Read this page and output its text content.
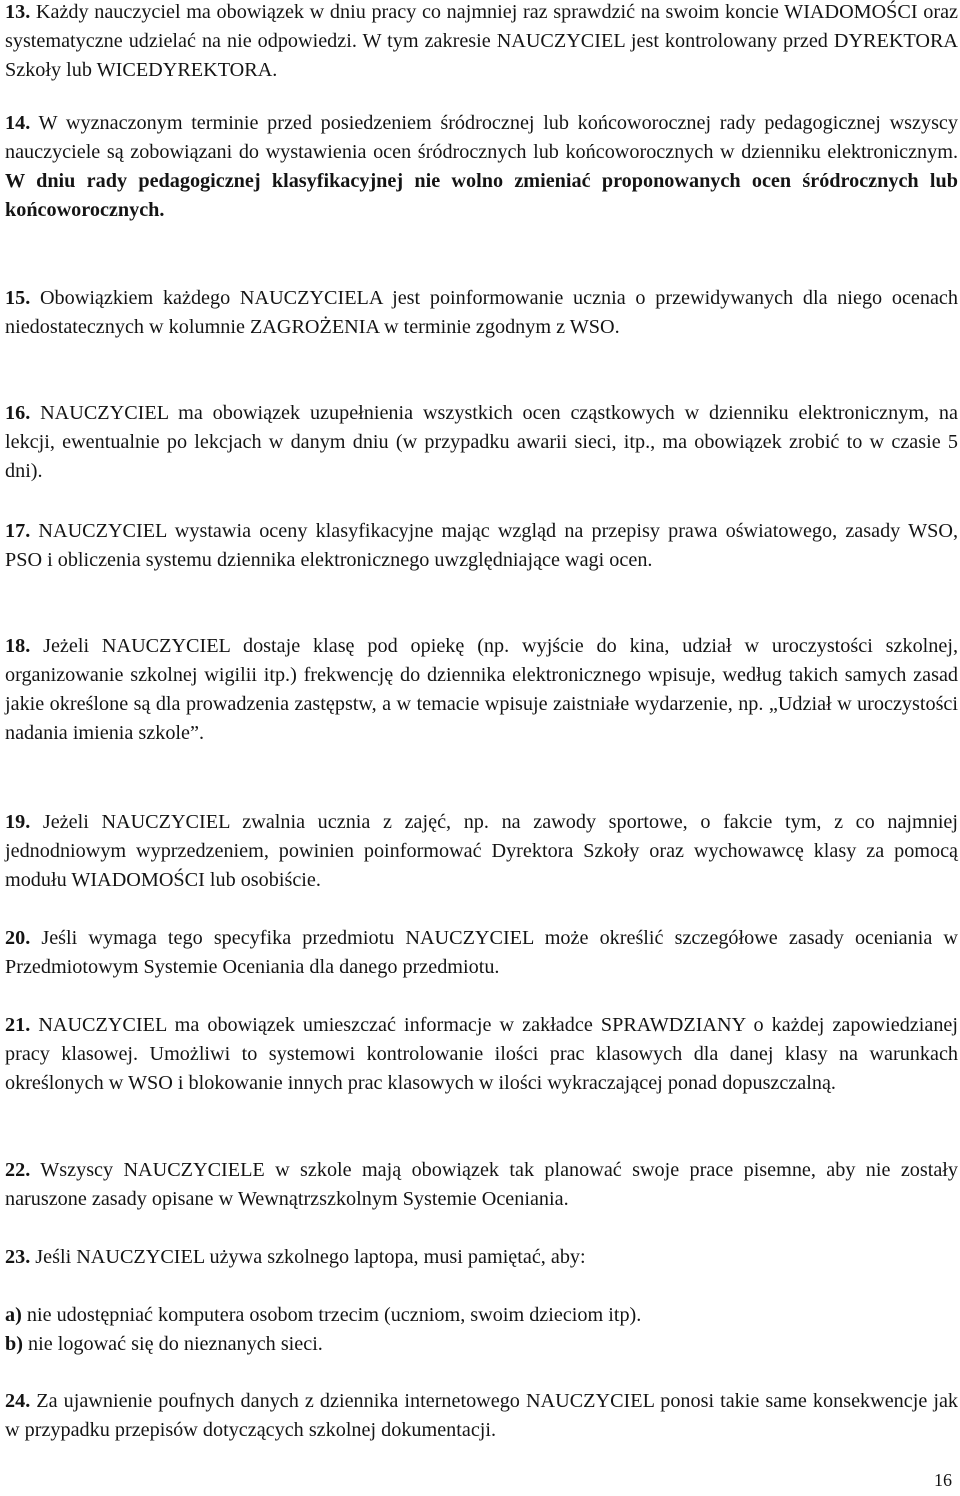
13. Każdy nauczyciel ma obowiązek w dniu pracy co najmniej raz sprawdzić na swoim koncie WIADOMOŚCI oraz systematyczne udzielać na nie odpowiedzi. W tym zakresie NAUCZYCIEL jest kontrolowany przed DYREKTORA Szkoły lub WICEDYREKTORA.

14. W wyznaczonym terminie przed posiedzeniem śródrocznej lub końcoworocznej rady pedagogicznej wszyscy nauczyciele są zobowiązani do wystawienia ocen śródrocznych lub końcoworocznych w dzienniku elektronicznym. W dniu rady pedagogicznej klasyfikacyjnej nie wolno zmieniać proponowanych ocen śródrocznych lub końcoworocznych.

15. Obowiązkiem każdego NAUCZYCIELA jest poinformowanie ucznia o przewidywanych dla niego ocenach niedostatecznych w kolumnie ZAGROŻENIA w terminie zgodnym z WSO.

16. NAUCZYCIEL ma obowiązek uzupełnienia wszystkich ocen cząstkowych w dzienniku elektronicznym, na lekcji, ewentualnie po lekcjach w danym dniu (w przypadku awarii sieci, itp., ma obowiązek zrobić to w czasie 5 dni).

17. NAUCZYCIEL wystawia oceny klasyfikacyjne mając wzgląd na przepisy prawa oświatowego, zasady WSO, PSO i obliczenia systemu dziennika elektronicznego uwzględniające wagi ocen.

18. Jeżeli NAUCZYCIEL dostaje klasę pod opiekę (np. wyjście do kina, udział w uroczystości szkolnej, organizowanie szkolnej wigilii itp.) frekwencję do dziennika elektronicznego wpisuje, według takich samych zasad jakie określone są dla prowadzenia zastępstw, a w temacie wpisuje zaistniałe wydarzenie, np. „Udział w uroczystości nadania imienia szkole”.

19. Jeżeli NAUCZYCIEL zwalnia ucznia z zajęć, np. na zawody sportowe, o fakcie tym, z co najmniej jednodniowym wyprzedzeniem, powinien poinformować Dyrektora Szkoły oraz wychowawcę klasy za pomocą modułu WIADOMOŚCI lub osobiście.

20. Jeśli wymaga tego specyfika przedmiotu NAUCZYCIEL może określić szczegółowe zasady oceniania w Przedmiotowym Systemie Oceniania dla danego przedmiotu.

21. NAUCZYCIEL ma obowiązek umieszczać informacje w zakładce SPRAWDZIANY o każdej zapowiedzianej pracy klasowej. Umożliwi to systemowi kontrolowanie ilości prac klasowych dla danej klasy na warunkach określonych w WSO i blokowanie innych prac klasowych w ilości wykraczającej ponad dopuszczalną.

22. Wszyscy NAUCZYCIELE w szkole mają obowiązek tak planować swoje prace pisemne, aby nie zostały naruszone zasady opisane w Wewnątrzszkolnym Systemie Oceniania.

23. Jeśli NAUCZYCIEL używa szkolnego laptopa, musi pamiętać, aby:

a) nie udostępniać komputera osobom trzecim (uczniom, swoim dzieciom itp).

b) nie logować się do nieznanych sieci.

24. Za ujawnienie poufnych danych z dziennika internetowego NAUCZYCIEL ponosi takie same konsekwencje jak w przypadku przepisów dotyczących szkolnej dokumentacji.

16
